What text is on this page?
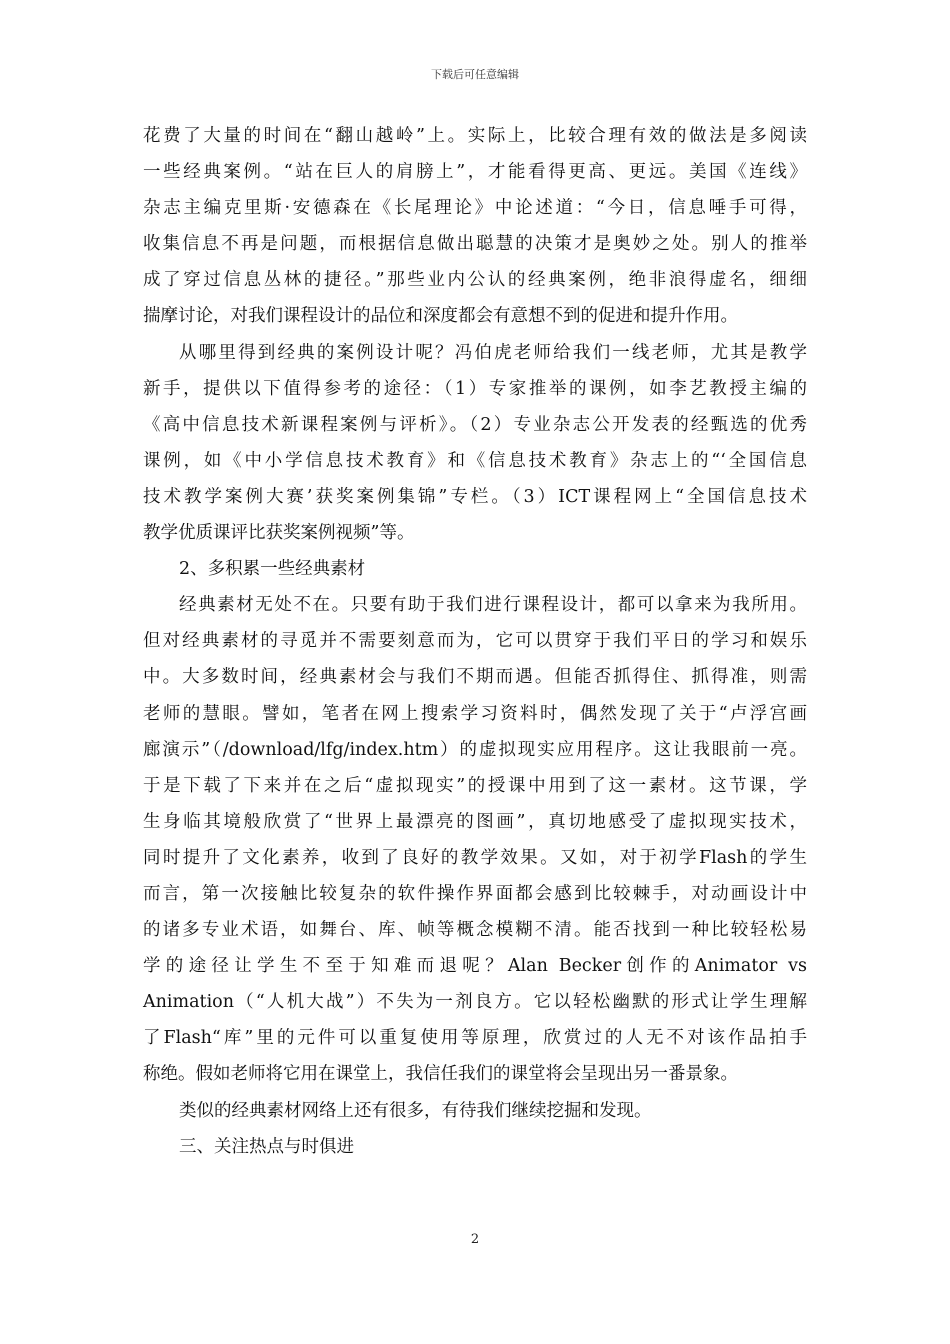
下载后可任意编辑
花费了大量的时间在“翻山越岭”上。实际上，比较合理有效的做法是多阅读
一些经典案例。“站在巨人的肩膀上”，才能看得更高、更远。美国《连线》
杂志主编克里斯·安德森在《长尾理论》中论述道：“今日，信息唾手可得，
收集信息不再是问题，而根据信息做出聪慧的决策才是奥妙之处。别人的推举
成了穿过信息丛林的捷径。”那些业内公认的经典案例，绝非浪得虚名，细细
揣摩讨论，对我们课程设计的品位和深度都会有意想不到的促进和提升作用。
从哪里得到经典的案例设计呢？冯伯虎老师给我们一线老师，尤其是教学
新手，提供以下值得参考的途径：（1）专家推举的课例，如李艺教授主编的
《高中信息技术新课程案例与评析》。（2）专业杂志公开发表的经甄选的优秀
课例，如《中小学信息技术教育》和《信息技术教育》杂志上的“‘全国信息
技术教学案例大赛’获奖案例集锦”专栏。（3）ICT课程网上“全国信息技术
教学优质课评比获奖案例视频”等。
2、多积累一些经典素材
经典素材无处不在。只要有助于我们进行课程设计，都可以拿来为我所用。
但对经典素材的寻觅并不需要刻意而为，它可以贯穿于我们平日的学习和娱乐
中。大多数时间，经典素材会与我们不期而遇。但能否抓得住、抓得准，则需
老师的慧眼。譬如，笔者在网上搜索学习资料时，偶然发现了关于“卢浮宫画
廊演示”（/download/lfg/index.htm）的虚拟现实应用程序。这让我眼前一亮。
于是下载了下来并在之后“虚拟现实”的授课中用到了这一素材。这节课，学
生身临其境般欣赏了“世界上最漂亮的图画”，真切地感受了虚拟现实技术，
同时提升了文化素养，收到了良好的教学效果。又如，对于初学Flash的学生
而言，第一次接触比较复杂的软件操作界面都会感到比较棘手，对动画设计中
的诸多专业术语，如舞台、库、帧等概念模糊不清。能否找到一种比较轻松易
学的途径让学生不至于知难而退呢？Alan Becker创作的Animator vs
Animation（“人机大战”）不失为一剂良方。它以轻松幽默的形式让学生理解
了Flash“库”里的元件可以重复使用等原理，欣赏过的人无不对该作品拍手
称绝。假如老师将它用在课堂上，我信任我们的课堂将会呈现出另一番景象。
类似的经典素材网络上还有很多，有待我们继续挖掘和发现。
三、关注热点与时俱进
2
